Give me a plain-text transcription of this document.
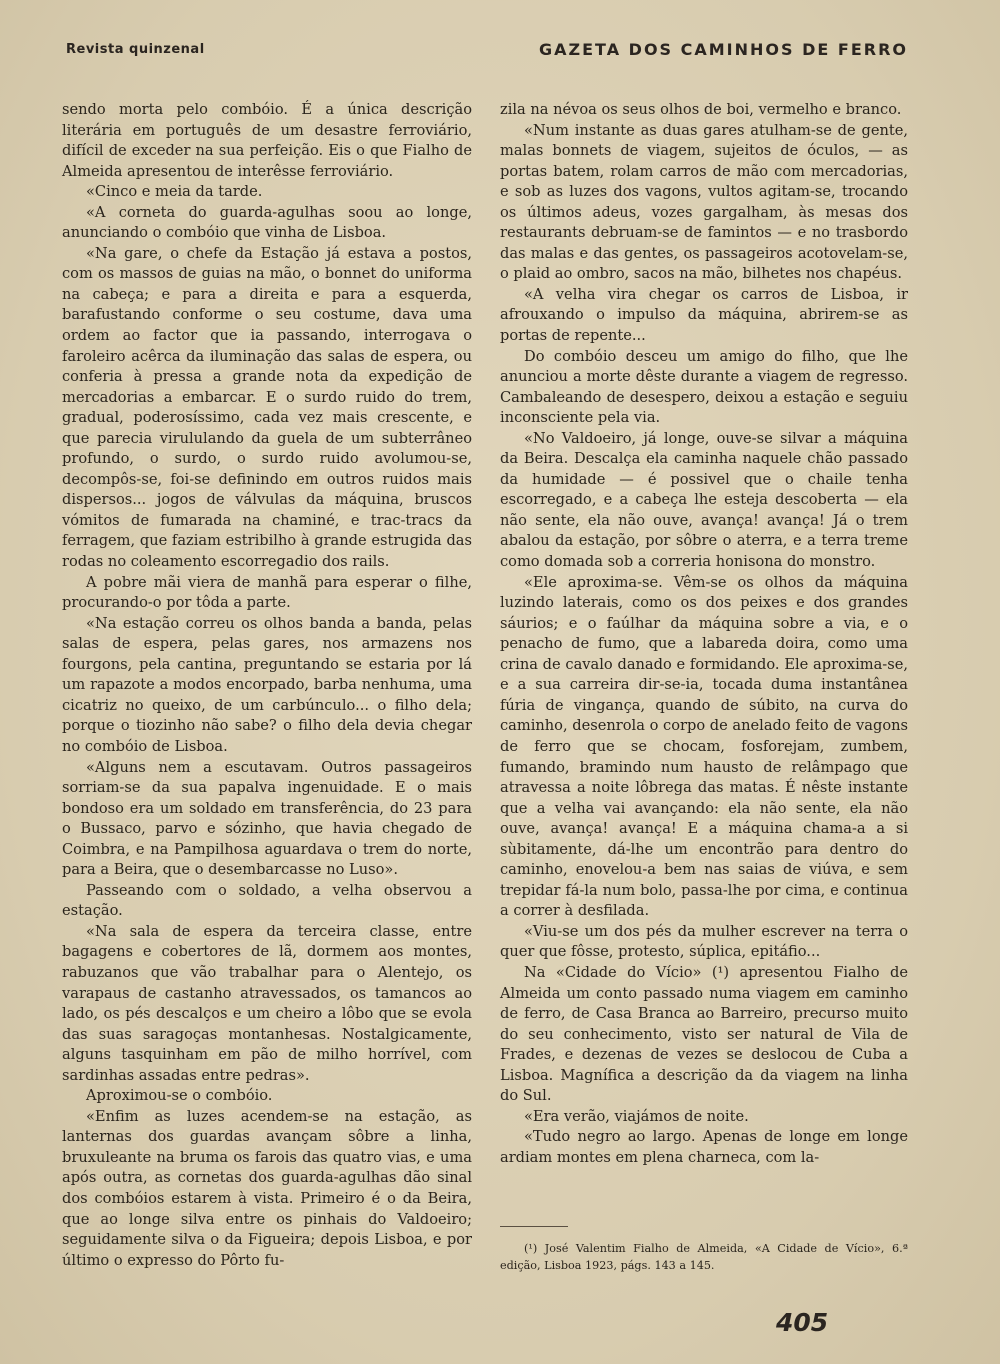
Revista quinzenal	GAZETA DOS CAMINHOS DE FERRO

sendo morta pelo combóio. É a única descrição literária em português de um desastre ferroviário, difícil de exceder na sua perfeição. Eis o que Fialho de Almeida apresentou de interêsse ferroviário.

«Cinco e meia da tarde.

«A corneta do guarda-agulhas soou ao longe, anunciando o combóio que vinha de Lisboa.

«Na gare, o chefe da Estação já estava a postos, com os massos de guias na mão, o bonnet do uniforma na cabeça; e para a direita e para a esquerda, barafustando conforme o seu costume, dava uma ordem ao factor que ia passando, interrogava o faroleiro acêrca da iluminação das salas de espera, ou conferia à pressa a grande nota da expedição de mercadorias a embarcar. E o surdo ruido do trem, gradual, poderosíssimo, cada vez mais crescente, e que parecia virululando da guela de um subterrâneo profundo, o surdo, o surdo ruido avolumou-se, decompôs-se, foi-se definindo em outros ruidos mais dispersos... jogos de válvulas da máquina, bruscos vómitos de fumarada na chaminé, e trac-tracs da ferragem, que faziam estribilho à grande estrugida das rodas no coleamento escorregadio dos rails.

A pobre mãi viera de manhã para esperar o filhe, procurando-o por tôda a parte.

«Na estação correu os olhos banda a banda, pelas salas de espera, pelas gares, nos armazens nos fourgons, pela cantina, preguntando se estaria por lá um rapazote a modos encorpado, barba nenhuma, uma cicatriz no queixo, de um carbúnculo... o filho dela; porque o tiozinho não sabe? o filho dela devia chegar no combóio de Lisboa.

«Alguns nem a escutavam. Outros passageiros sorriam-se da sua papalva ingenuidade. E o mais bondoso era um soldado em transferência, do 23 para o Bussaco, parvo e sózinho, que havia chegado de Coimbra, e na Pampilhosa aguardava o trem do norte, para a Beira, que o desembarcasse no Luso».

Passeando com o soldado, a velha observou a estação.

«Na sala de espera da terceira classe, entre bagagens e cobertores de lã, dormem aos montes, rabuzanos que vão trabalhar para o Alentejo, os varapaus de castanho atravessados, os tamancos ao lado, os pés descalços e um cheiro a lôbo que se evola das suas saragoças montanhesas. Nostalgicamente, alguns tasquinham em pão de milho horrível, com sardinhas assadas entre pedras».

Aproximou-se o combóio.

«Enfim as luzes acendem-se na estação, as lanternas dos guardas avançam sôbre a linha, bruxuleante na bruma os farois das quatro vias, e uma após outra, as cornetas dos guarda-agulhas dão sinal dos combóios estarem à vista. Primeiro é o da Beira, que ao longe silva entre os pinhais do Valdoeiro; seguidamente silva o da Figueira; depois Lisboa, e por último o expresso do Pôrto fu-

zila na névoa os seus olhos de boi, vermelho e branco.

«Num instante as duas gares atulham-se de gente, malas bonnets de viagem, sujeitos de óculos, — as portas batem, rolam carros de mão com mercadorias, e sob as luzes dos vagons, vultos agitam-se, trocando os últimos adeus, vozes gargalham, às mesas dos restaurants debruam-se de famintos — e no trasbordo das malas e das gentes, os passageiros acotovelam-se, o plaid ao ombro, sacos na mão, bilhetes nos chapéus.

«A velha vira chegar os carros de Lisboa, ir afrouxando o impulso da máquina, abrirem-se as portas de repente...

Do combóio desceu um amigo do filho, que lhe anunciou a morte dêste durante a viagem de regresso. Cambaleando de desespero, deixou a estação e seguiu inconsciente pela via.

«No Valdoeiro, já longe, ouve-se silvar a máquina da Beira. Descalça ela caminha naquele chão passado da humidade — é possivel que o chaile tenha escorregado, e a cabeça lhe esteja descoberta — ela não sente, ela não ouve, avança! avança! Já o trem abalou da estação, por sôbre o aterra, e a terra treme como domada sob a correria honisona do monstro.

«Ele aproxima-se. Vêm-se os olhos da máquina luzindo laterais, como os dos peixes e dos grandes sáurios; e o faúlhar da máquina sobre a via, e o penacho de fumo, que a labareda doira, como uma crina de cavalo danado e formidando. Ele aproxima-se, e a sua carreira dir-se-ia, tocada duma instantânea fúria de vingança, quando de súbito, na curva do caminho, desenrola o corpo de anelado feito de vagons de ferro que se chocam, fosforejam, zumbem, fumando, bramindo num hausto de relâmpago que atravessa a noite lôbrega das matas. É nêste instante que a velha vai avançando: ela não sente, ela não ouve, avança! avança! E a máquina chama-a a si sùbitamente, dá-lhe um encontrão para dentro do caminho, enovelou-a bem nas saias de viúva, e sem trepidar fá-la num bolo, passa-lhe por cima, e continua a correr à desfilada.

«Viu-se um dos pés da mulher escrever na terra o quer que fôsse, protesto, súplica, epitáfio...

Na «Cidade do Vício» (¹) apresentou Fialho de Almeida um conto passado numa viagem em caminho de ferro, de Casa Branca ao Barreiro, precurso muito do seu conhecimento, visto ser natural de Vila de Frades, e dezenas de vezes se deslocou de Cuba a Lisboa. Magnífica a descrição da da viagem na linha do Sul.

«Era verão, viajámos de noite.

«Tudo negro ao largo. Apenas de longe em longe ardiam montes em plena charneca, com la-

(¹) José Valentim Fialho de Almeida, «A Cidade de Vício», 6.ª edição, Lisboa 1923, págs. 143 a 145.

405
